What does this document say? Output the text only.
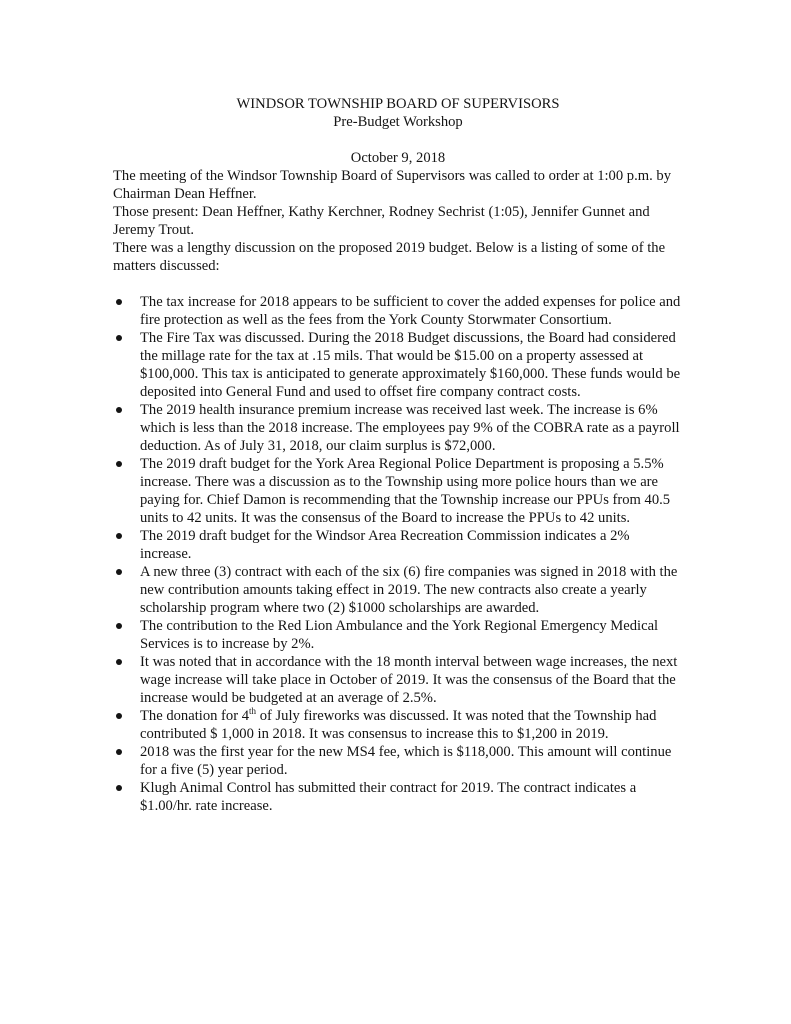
WINDSOR TOWNSHIP BOARD OF SUPERVISORS
Pre-Budget Workshop
October 9, 2018

The meeting of the Windsor Township Board of Supervisors was called to order at 1:00 p.m. by Chairman Dean Heffner.

Those present: Dean Heffner, Kathy Kerchner, Rodney Sechrist (1:05), Jennifer Gunnet and Jeremy Trout.

There was a lengthy discussion on the proposed 2019 budget. Below is a listing of some of the matters discussed:

The tax increase for 2018 appears to be sufficient to cover the added expenses for police and fire protection as well as the fees from the York County Storwmater Consortium.
The Fire Tax was discussed. During the 2018 Budget discussions, the Board had considered the millage rate for the tax at .15 mils. That would be $15.00 on a property assessed at $100,000. This tax is anticipated to generate approximately $160,000. These funds would be deposited into General Fund and used to offset fire company contract costs.
The 2019 health insurance premium increase was received last week. The increase is 6% which is less than the 2018 increase. The employees pay 9% of the COBRA rate as a payroll deduction. As of July 31, 2018, our claim surplus is $72,000.
The 2019 draft budget for the York Area Regional Police Department is proposing a 5.5% increase. There was a discussion as to the Township using more police hours than we are paying for. Chief Damon is recommending that the Township increase our PPUs from 40.5 units to 42 units. It was the consensus of the Board to increase the PPUs to 42 units.
The 2019 draft budget for the Windsor Area Recreation Commission indicates a 2% increase.
A new three (3) contract with each of the six (6) fire companies was signed in 2018 with the new contribution amounts taking effect in 2019. The new contracts also create a yearly scholarship program where two (2) $1000 scholarships are awarded.
The contribution to the Red Lion Ambulance and the York Regional Emergency Medical Services is to increase by 2%.
It was noted that in accordance with the 18 month interval between wage increases, the next wage increase will take place in October of 2019. It was the consensus of the Board that the increase would be budgeted at an average of 2.5%.
The donation for 4th of July fireworks was discussed. It was noted that the Township had contributed $ 1,000 in 2018. It was consensus to increase this to $1,200 in 2019.
2018 was the first year for the new MS4 fee, which is $118,000. This amount will continue for a five (5) year period.
Klugh Animal Control has submitted their contract for 2019. The contract indicates a $1.00/hr. rate increase.
